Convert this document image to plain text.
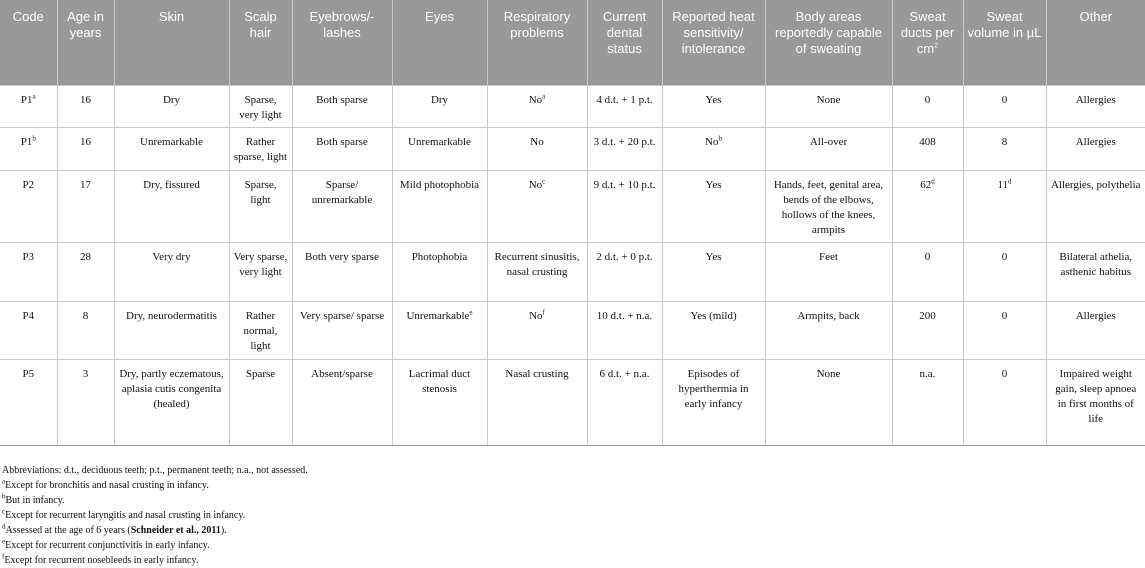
Code	Age in years	Skin	Scalp hair	Eyebrows/-lashes	Eyes	Respiratory problems	Current dental status	Reported heat sensitivity/ intolerance	Body areas reportedly capable of sweating	Sweat ducts per $cm^2$	Sweat volume in µL	Other
P1$^a$	16	Dry	Sparse, very light	Both sparse	Dry	No$^a$	4 d.t. + 1 p.t.	Yes	None	0	0	Allergies
P1$^b$	16	Unremarkable	Rather sparse, light	Both sparse	Unremarkable	No	3 d.t. + 20 p.t.	No$^b$	All-over	408	8	Allergies
P2	17	Dry, fissured	Sparse, light	Sparse/ unremarkable	Mild photophobia	No$^c$	9 d.t. + 10 p.t.	Yes	Hands, feet, genital area, bends of the elbows, hollows of the knees, armpits	62$^d$	11$^d$	Allergies, polythelia
P3	28	Very dry	Very sparse, very light	Both very sparse	Photophobia	Recurrent sinusitis, nasal crusting	2 d.t. + 0 p.t.	Yes	Feet	0	0	Bilateral athelia, asthenic habitus
P4	8	Dry, neurodermatitis	Rather normal, light	Very sparse/ sparse	Unremarkable$^e$	No$^f$	10 d.t. + n.a.	Yes (mild)	Armpits, back	200	0	Allergies
P5	3	Dry, partly eczematous, aplasia cutis congenita (healed)	Sparse	Absent/sparse	Lacrimal duct stenosis	Nasal crusting	6 d.t. + n.a.	Episodes of hyperthermia in early infancy	None	n.a.	0	Impaired weight gain, sleep apnoea in first months of life

Abbreviations: d.t., deciduous teeth; p.t., permanent teeth; n.a., not assessed.

$^a$Except for bronchitis and nasal crusting in infancy.

$^b$But in infancy.

$^c$Except for recurrent laryngitis and nasal crusting in infancy.

$^d$Assessed at the age of 6 years (Schneider et al., 2011).

$^e$Except for recurrent conjunctivitis in early infancy.

$^f$Except for recurrent nosebleeds in early infancy.
